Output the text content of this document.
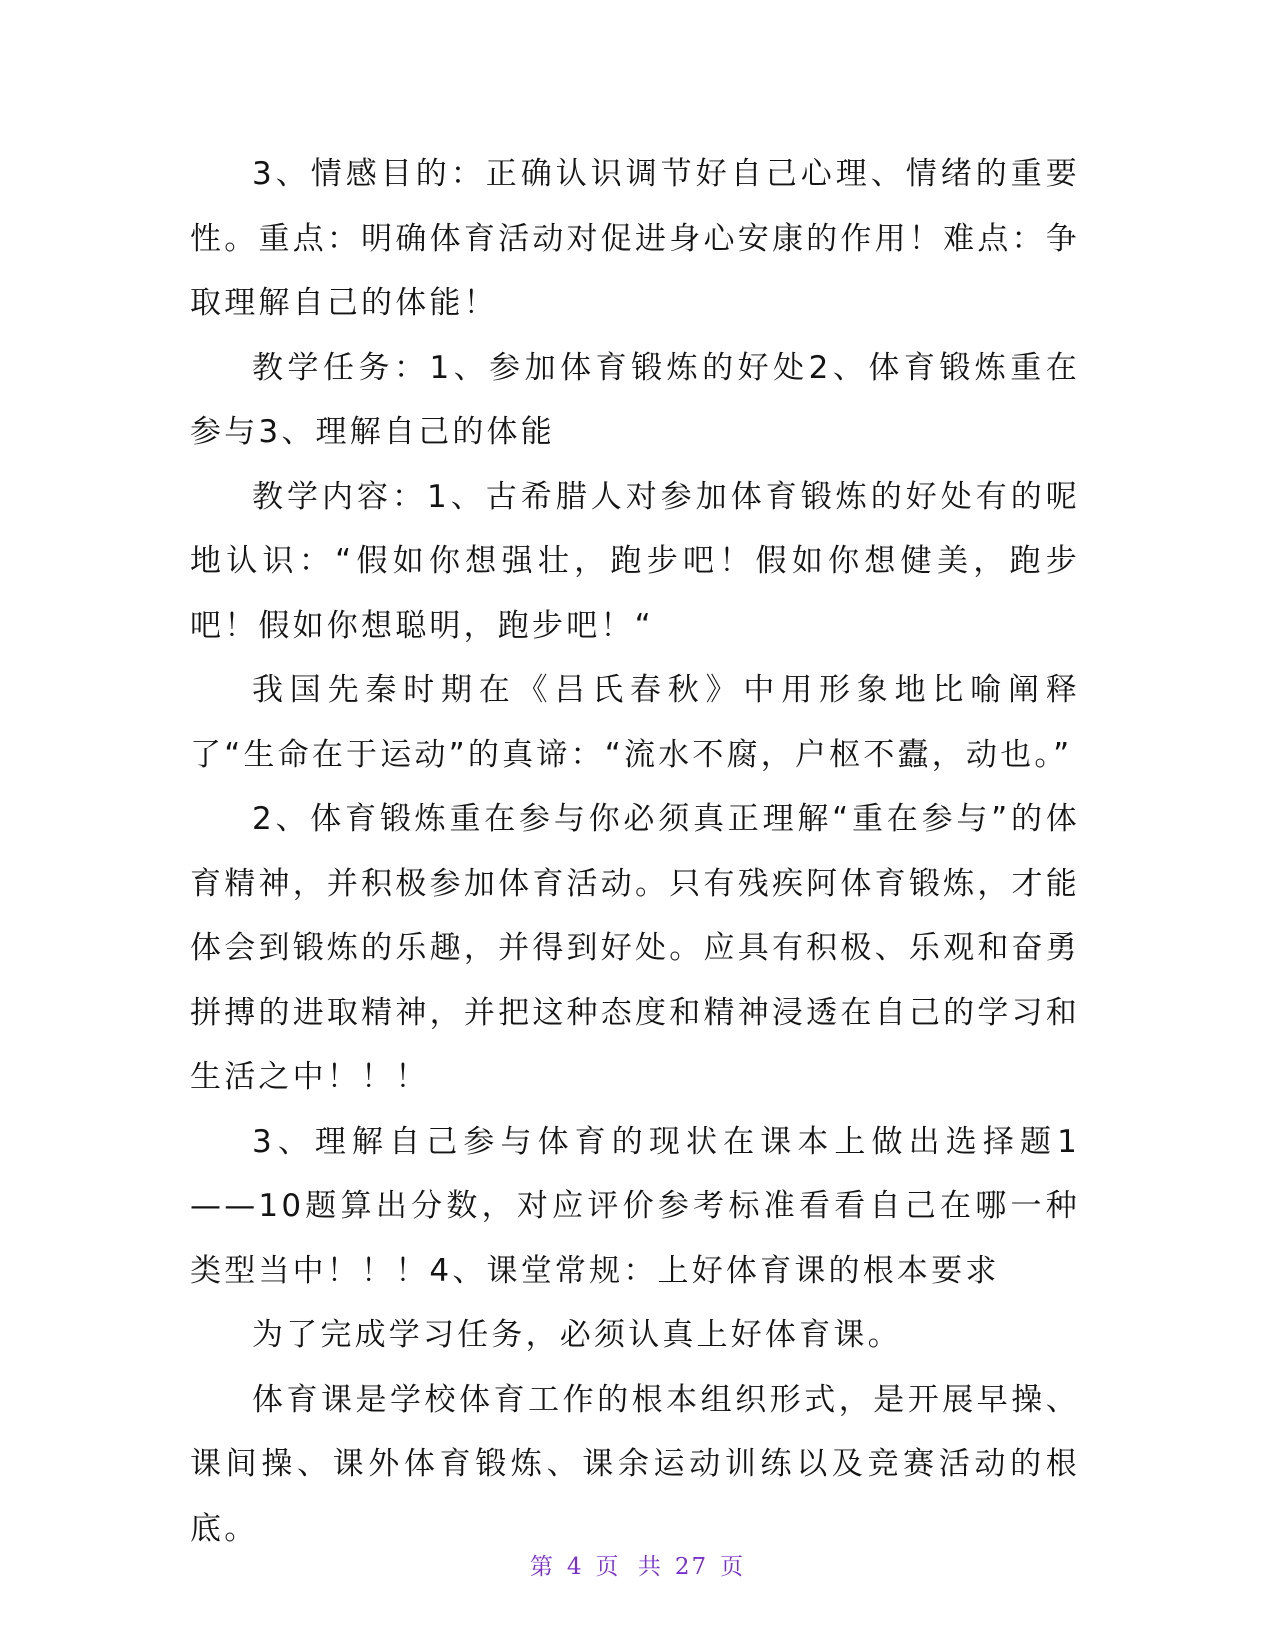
3、情感目的：正确认识调节好自己心理、情绪的重要性。重点：明确体育活动对促进身心安康的作用！难点：争取理解自己的体能！

教学任务：1、参加体育锻炼的好处2、体育锻炼重在参与3、理解自己的体能

教学内容：1、古希腊人对参加体育锻炼的好处有的呢地认识：“假如你想强壮，跑步吧！假如你想健美，跑步吧！假如你想聪明，跑步吧！“

我国先秦时期在《吕氏春秋》中用形象地比喻阐释了“生命在于运动”的真谛：“流水不腐，户枢不蠹，动也。”

2、体育锻炼重在参与你必须真正理解“重在参与”的体育精神，并积极参加体育活动。只有残疾阿体育锻炼，才能体会到锻炼的乐趣，并得到好处。应具有积极、乐观和奋勇拼搏的进取精神，并把这种态度和精神浸透在自己的学习和生活之中！！！

3、理解自己参与体育的现状在课本上做出选择题1——10题算出分数，对应评价参考标准看看自己在哪一种类型当中！！！4、课堂常规：上好体育课的根本要求

为了完成学习任务，必须认真上好体育课。

体育课是学校体育工作的根本组织形式，是开展早操、课间操、课外体育锻炼、课余运动训练以及竞赛活动的根底。

第 4 页 共 27 页
